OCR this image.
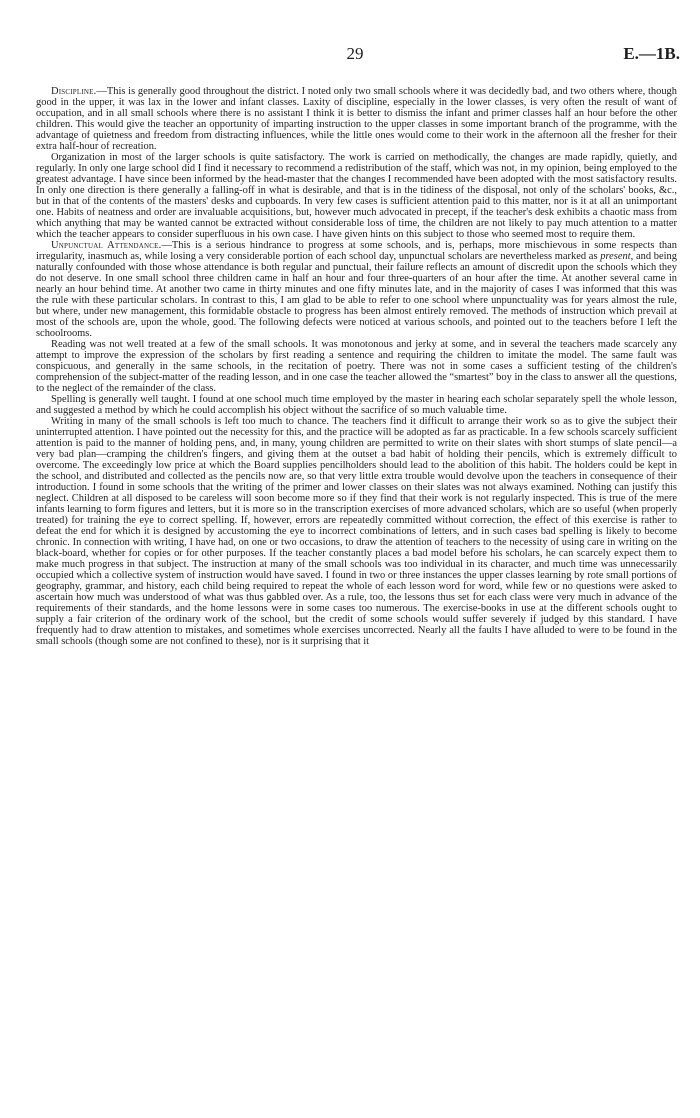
29	E.—1B.

Discipline.—This is generally good throughout the district. I noted only two small schools where it was decidedly bad, and two others where, though good in the upper, it was lax in the lower and infant classes. Laxity of discipline, especially in the lower classes, is very often the result of want of occupation, and in all small schools where there is no assistant I think it is better to dismiss the infant and primer classes half an hour before the other children. This would give the teacher an opportunity of imparting instruction to the upper classes in some important branch of the programme, with the advantage of quietness and freedom from distracting influences, while the little ones would come to their work in the afternoon all the fresher for their extra half-hour of recreation.

Organization in most of the larger schools is quite satisfactory. The work is carried on methodically, the changes are made rapidly, quietly, and regularly. In only one large school did I find it necessary to recommend a redistribution of the staff, which was not, in my opinion, being employed to the greatest advantage. I have since been informed by the head-master that the changes I recommended have been adopted with the most satisfactory results. In only one direction is there generally a falling-off in what is desirable, and that is in the tidiness of the disposal, not only of the scholars' books, &c., but in that of the contents of the masters' desks and cupboards. In very few cases is sufficient attention paid to this matter, nor is it at all an unimportant one. Habits of neatness and order are invaluable acquisitions, but, however much advocated in precept, if the teacher's desk exhibits a chaotic mass from which anything that may be wanted cannot be extracted without considerable loss of time, the children are not likely to pay much attention to a matter which the teacher appears to consider superfluous in his own case. I have given hints on this subject to those who seemed most to require them.

Unpunctual Attendance.—This is a serious hindrance to progress at some schools, and is, perhaps, more mischievous in some respects than irregularity, inasmuch as, while losing a very considerable portion of each school day, unpunctual scholars are nevertheless marked as present, and being naturally confounded with those whose attendance is both regular and punctual, their failure reflects an amount of discredit upon the schools which they do not deserve. In one small school three children came in half an hour and four three-quarters of an hour after the time. At another several came in nearly an hour behind time. At another two came in thirty minutes and one fifty minutes late, and in the majority of cases I was informed that this was the rule with these particular scholars. In contrast to this, I am glad to be able to refer to one school where unpunctuality was for years almost the rule, but where, under new management, this formidable obstacle to progress has been almost entirely removed. The methods of instruction which prevail at most of the schools are, upon the whole, good. The following defects were noticed at various schools, and pointed out to the teachers before I left the schoolrooms.

Reading was not well treated at a few of the small schools. It was monotonous and jerky at some, and in several the teachers made scarcely any attempt to improve the expression of the scholars by first reading a sentence and requiring the children to imitate the model. The same fault was conspicuous, and generally in the same schools, in the recitation of poetry. There was not in some cases a sufficient testing of the children's comprehension of the subject-matter of the reading lesson, and in one case the teacher allowed the “smartest” boy in the class to answer all the questions, to the neglect of the remainder of the class.

Spelling is generally well taught. I found at one school much time employed by the master in hearing each scholar separately spell the whole lesson, and suggested a method by which he could accomplish his object without the sacrifice of so much valuable time.

Writing in many of the small schools is left too much to chance. The teachers find it difficult to arrange their work so as to give the subject their uninterrupted attention. I have pointed out the necessity for this, and the practice will be adopted as far as practicable. In a few schools scarcely sufficient attention is paid to the manner of holding pens, and, in many, young children are permitted to write on their slates with short stumps of slate pencil—a very bad plan—cramping the children's fingers, and giving them at the outset a bad habit of holding their pencils, which is extremely difficult to overcome. The exceedingly low price at which the Board supplies pencilholders should lead to the abolition of this habit. The holders could be kept in the school, and distributed and collected as the pencils now are, so that very little extra trouble would devolve upon the teachers in consequence of their introduction. I found in some schools that the writing of the primer and lower classes on their slates was not always examined. Nothing can justify this neglect. Children at all disposed to be careless will soon become more so if they find that their work is not regularly inspected. This is true of the mere infants learning to form figures and letters, but it is more so in the transcription exercises of more advanced scholars, which are so useful (when properly treated) for training the eye to correct spelling. If, however, errors are repeatedly committed without correction, the effect of this exercise is rather to defeat the end for which it is designed by accustoming the eye to incorrect combinations of letters, and in such cases bad spelling is likely to become chronic. In connection with writing, I have had, on one or two occasions, to draw the attention of teachers to the necessity of using care in writing on the black-board, whether for copies or for other purposes. If the teacher constantly places a bad model before his scholars, he can scarcely expect them to make much progress in that subject. The instruction at many of the small schools was too individual in its character, and much time was unnecessarily occupied which a collective system of instruction would have saved. I found in two or three instances the upper classes learning by rote small portions of geography, grammar, and history, each child being required to repeat the whole of each lesson word for word, while few or no questions were asked to ascertain how much was understood of what was thus gabbled over. As a rule, too, the lessons thus set for each class were very much in advance of the requirements of their standards, and the home lessons were in some cases too numerous. The exercise-books in use at the different schools ought to supply a fair criterion of the ordinary work of the school, but the credit of some schools would suffer severely if judged by this standard. I have frequently had to draw attention to mistakes, and sometimes whole exercises uncorrected. Nearly all the faults I have alluded to were to be found in the small schools (though some are not confined to these), nor is it surprising that it
